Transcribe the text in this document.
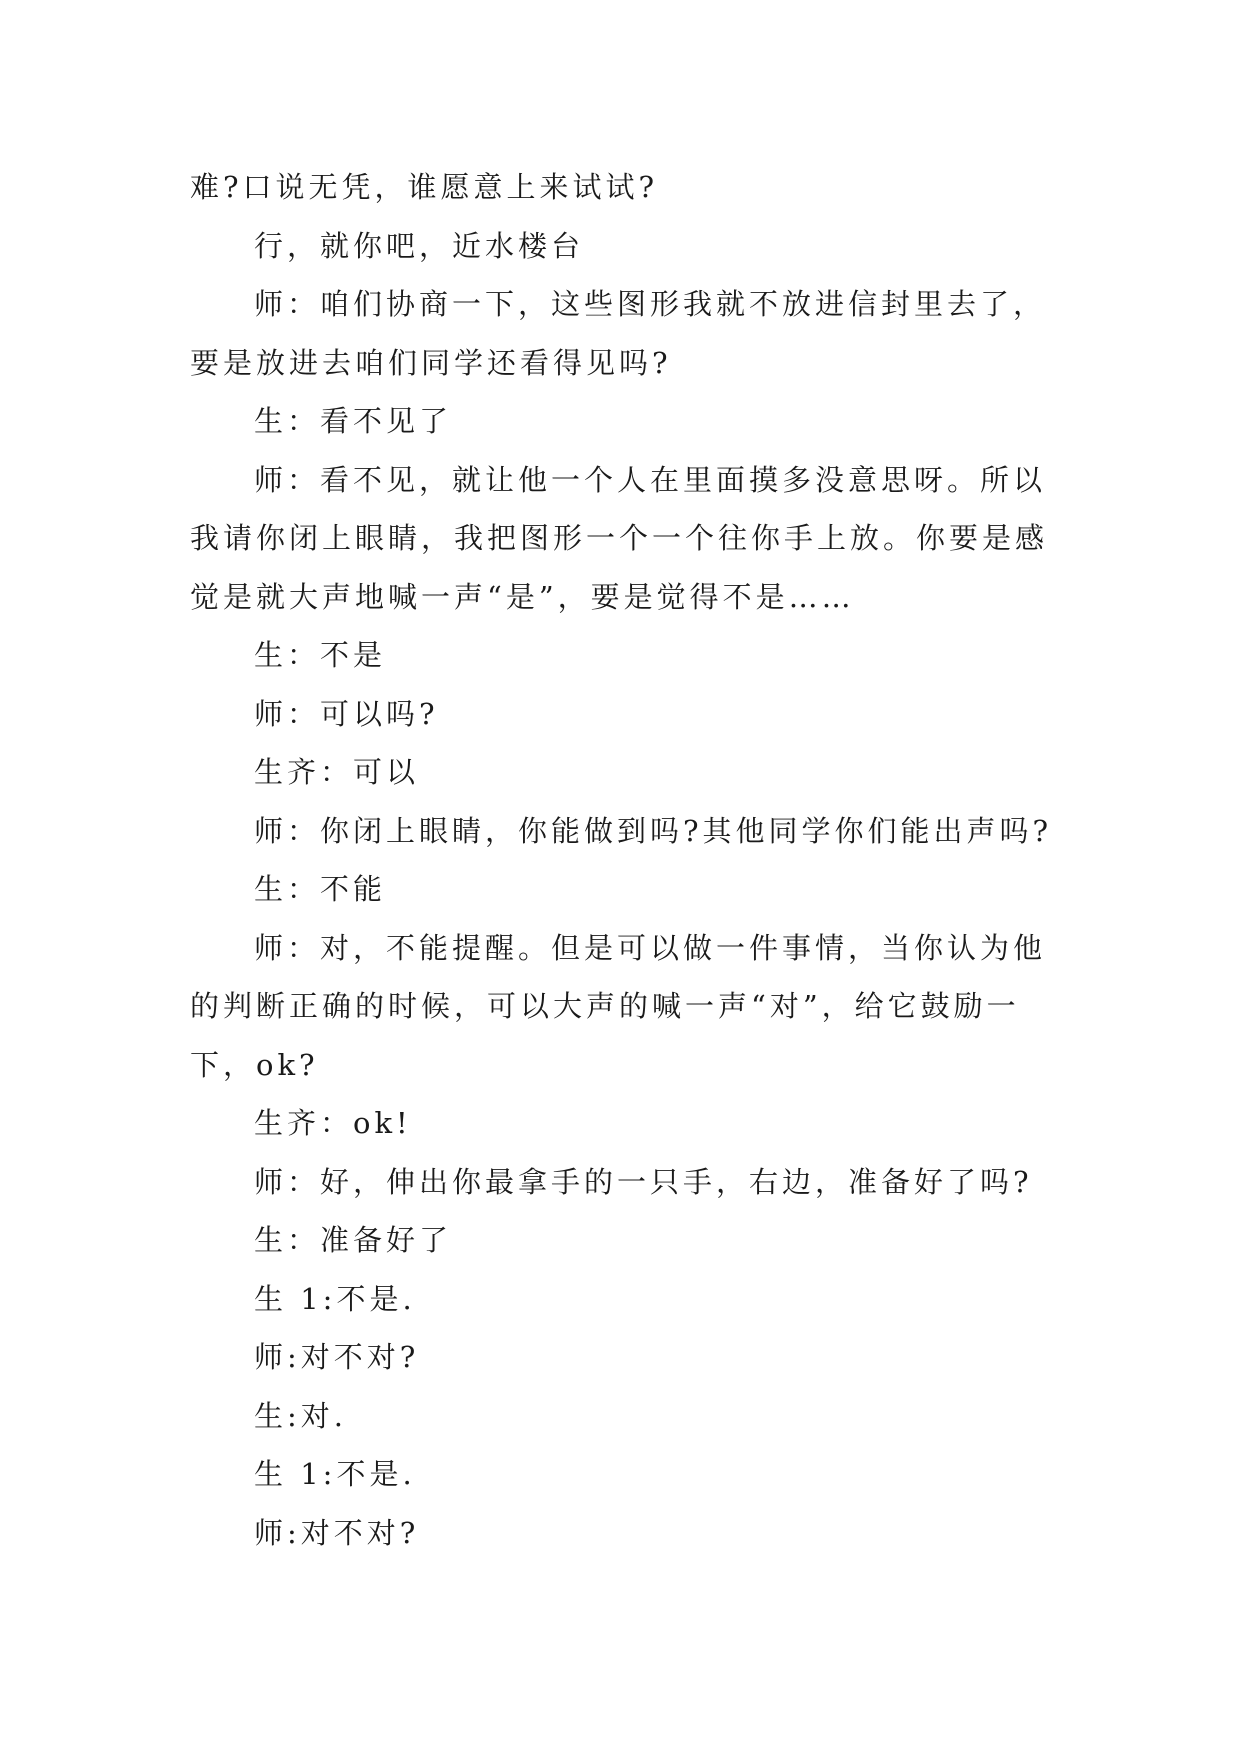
难?口说无凭，谁愿意上来试试?

行，就你吧，近水楼台

师：咱们协商一下，这些图形我就不放进信封里去了，要是放进去咱们同学还看得见吗?

生：看不见了

师：看不见，就让他一个人在里面摸多没意思呀。所以我请你闭上眼睛，我把图形一个一个往你手上放。你要是感觉是就大声地喊一声“是”，要是觉得不是……

生：不是

师：可以吗?

生齐：可以

师：你闭上眼睛，你能做到吗?其他同学你们能出声吗?

生：不能

师：对，不能提醒。但是可以做一件事情，当你认为他的判断正确的时候，可以大声的喊一声“对”，给它鼓励一下，ok?

生齐：ok!

师：好，伸出你最拿手的一只手，右边，准备好了吗?

生：准备好了

生 1:不是.

师:对不对?

生:对.

生 1:不是.

师:对不对?
